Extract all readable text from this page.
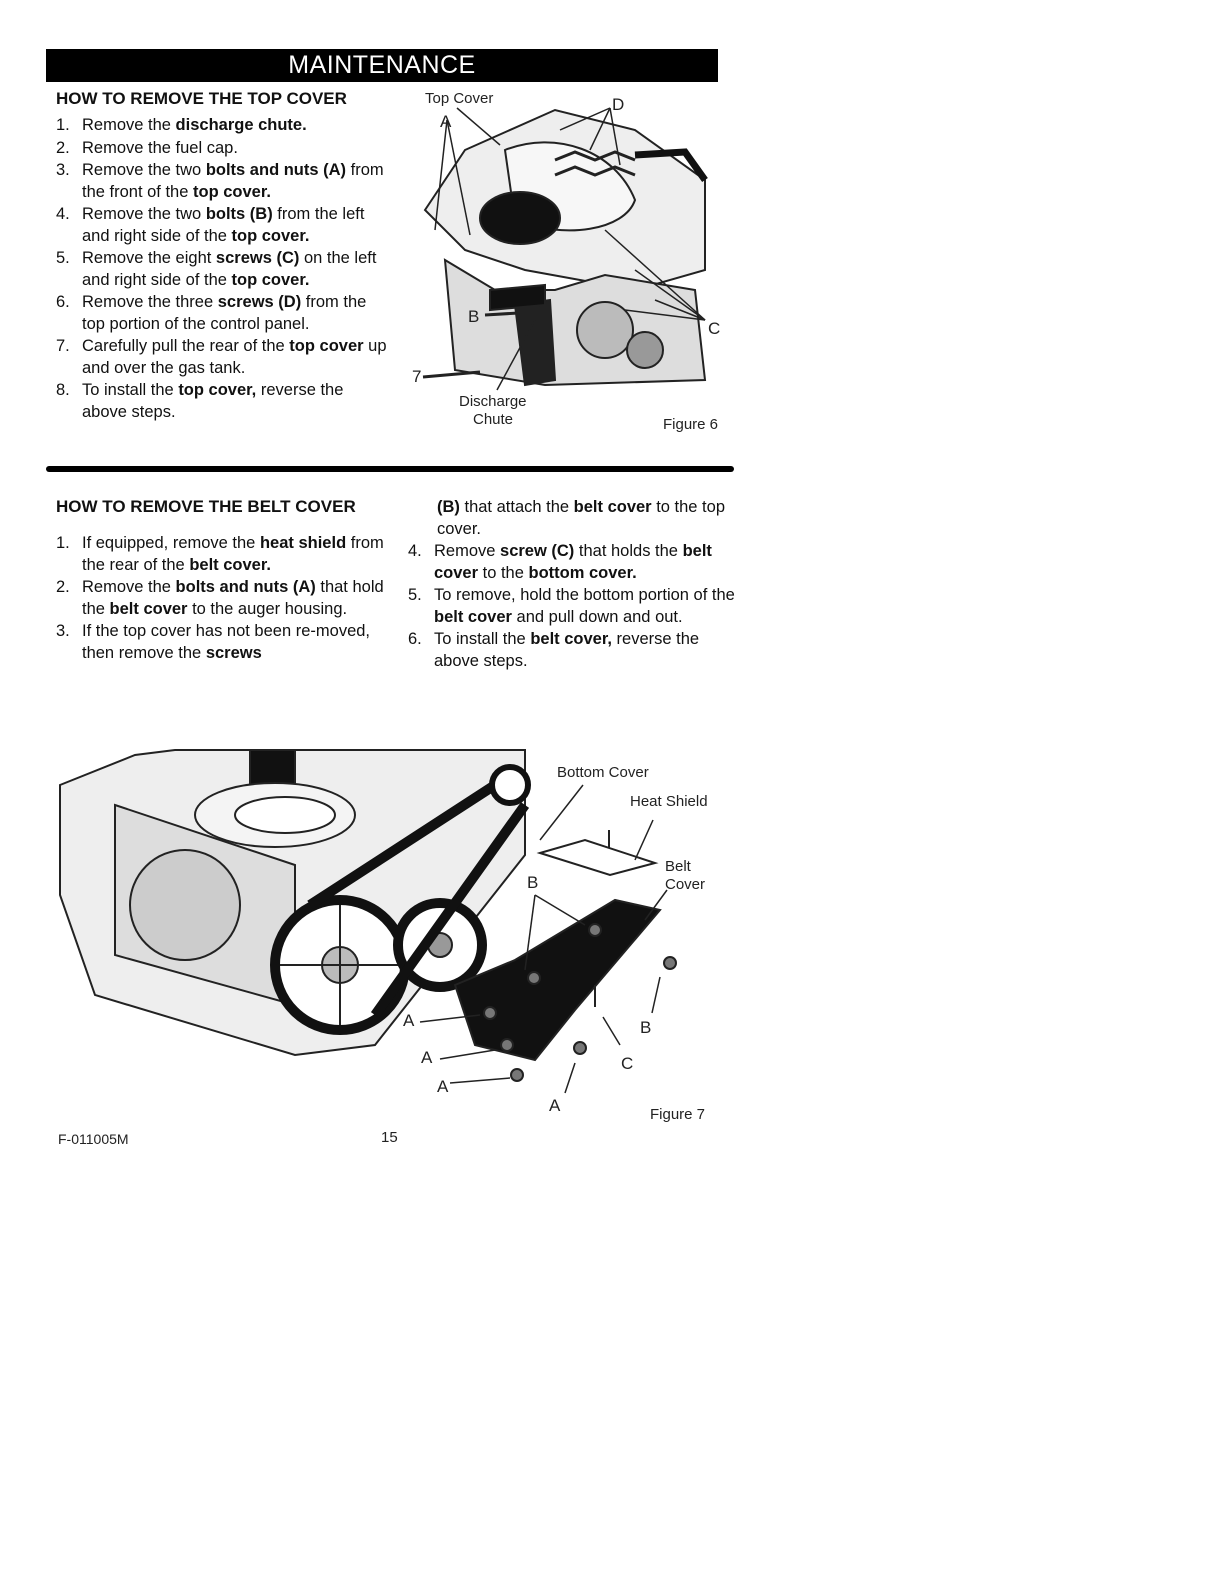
MAINTENANCE
HOW TO REMOVE THE TOP COVER
1. Remove the discharge chute.
2. Remove the fuel cap.
3. Remove the two bolts and nuts (A) from the front of the top cover.
4. Remove the two bolts (B) from the left and right side of the top cover.
5. Remove the eight screws (C) on the left and right side of the top cover.
6. Remove the three screws (D) from the top portion of the control panel.
7. Carefully pull the rear of the top cover up and over the gas tank.
8. To install the top cover, reverse the above steps.
Top Cover
A
D
B
C
7
Discharge
Chute	Figure 6
HOW TO REMOVE THE BELT COVER
1. If equipped, remove the heat shield from the rear of the belt cover.
2. Remove the bolts and nuts (A) that hold the belt cover to the auger housing.
3. If the top cover has not been re-moved, then remove the screws
(B) that attach the belt cover to the top cover.
4. Remove screw (C) that holds the belt cover to the bottom cover.
5. To remove, hold the bottom portion of the belt cover and pull down and out.
6. To install the belt cover, reverse the above steps.
Bottom Cover
Heat Shield
Belt
Cover
B
B
C
A
A
A
A	Figure 7
F-011005M	15
